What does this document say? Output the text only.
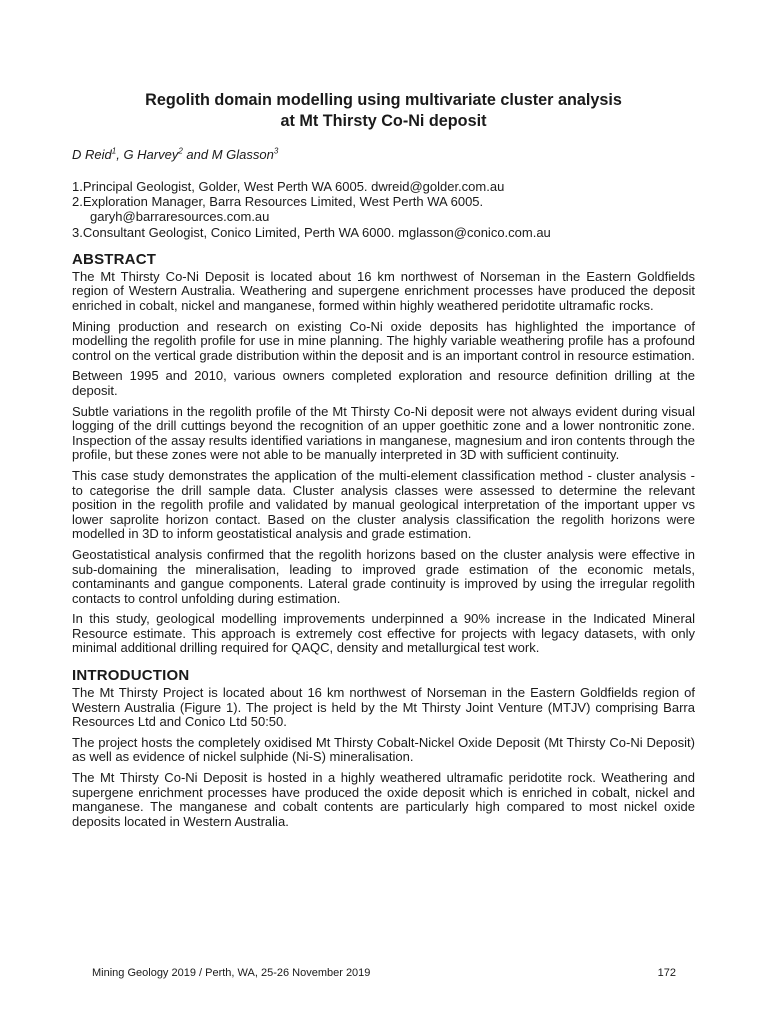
Regolith domain modelling using multivariate cluster analysis
at Mt Thirsty Co-Ni deposit
D Reid$^1$, G Harvey$^2$ and M Glasson$^3$
1.Principal Geologist, Golder, West Perth WA 6005. dwreid@golder.com.au
2.Exploration Manager, Barra Resources Limited, West Perth WA 6005.
garyh@barraresources.com.au
3.Consultant Geologist, Conico Limited, Perth WA 6000. mglasson@conico.com.au
ABSTRACT

The Mt Thirsty Co-Ni Deposit is located about 16 km northwest of Norseman in the Eastern Goldfields region of Western Australia. Weathering and supergene enrichment processes have produced the deposit enriched in cobalt, nickel and manganese, formed within highly weathered peridotite ultramafic rocks.

Mining production and research on existing Co-Ni oxide deposits has highlighted the importance of modelling the regolith profile for use in mine planning. The highly variable weathering profile has a profound control on the vertical grade distribution within the deposit and is an important control in resource estimation.

Between 1995 and 2010, various owners completed exploration and resource definition drilling at the deposit.

Subtle variations in the regolith profile of the Mt Thirsty Co-Ni deposit were not always evident during visual logging of the drill cuttings beyond the recognition of an upper goethitic zone and a lower nontronitic zone. Inspection of the assay results identified variations in manganese, magnesium and iron contents through the profile, but these zones were not able to be manually interpreted in 3D with sufficient continuity.

This case study demonstrates the application of the multi-element classification method - cluster analysis - to categorise the drill sample data. Cluster analysis classes were assessed to determine the relevant position in the regolith profile and validated by manual geological interpretation of the important upper vs lower saprolite horizon contact. Based on the cluster analysis classification the regolith horizons were modelled in 3D to inform geostatistical analysis and grade estimation.

Geostatistical analysis confirmed that the regolith horizons based on the cluster analysis were effective in sub-domaining the mineralisation, leading to improved grade estimation of the economic metals, contaminants and gangue components. Lateral grade continuity is improved by using the irregular regolith contacts to control unfolding during estimation.

In this study, geological modelling improvements underpinned a 90% increase in the Indicated Mineral Resource estimate. This approach is extremely cost effective for projects with legacy datasets, with only minimal additional drilling required for QAQC, density and metallurgical test work.

INTRODUCTION

The Mt Thirsty Project is located about 16 km northwest of Norseman in the Eastern Goldfields region of Western Australia (Figure 1). The project is held by the Mt Thirsty Joint Venture (MTJV) comprising Barra Resources Ltd and Conico Ltd 50:50.

The project hosts the completely oxidised Mt Thirsty Cobalt-Nickel Oxide Deposit (Mt Thirsty Co-Ni Deposit) as well as evidence of nickel sulphide (Ni-S) mineralisation.

The Mt Thirsty Co-Ni Deposit is hosted in a highly weathered ultramafic peridotite rock. Weathering and supergene enrichment processes have produced the oxide deposit which is enriched in cobalt, nickel and manganese. The manganese and cobalt contents are particularly high compared to most nickel oxide deposits located in Western Australia.

Mining Geology 2019 / Perth, WA, 25-26 November 2019	172
